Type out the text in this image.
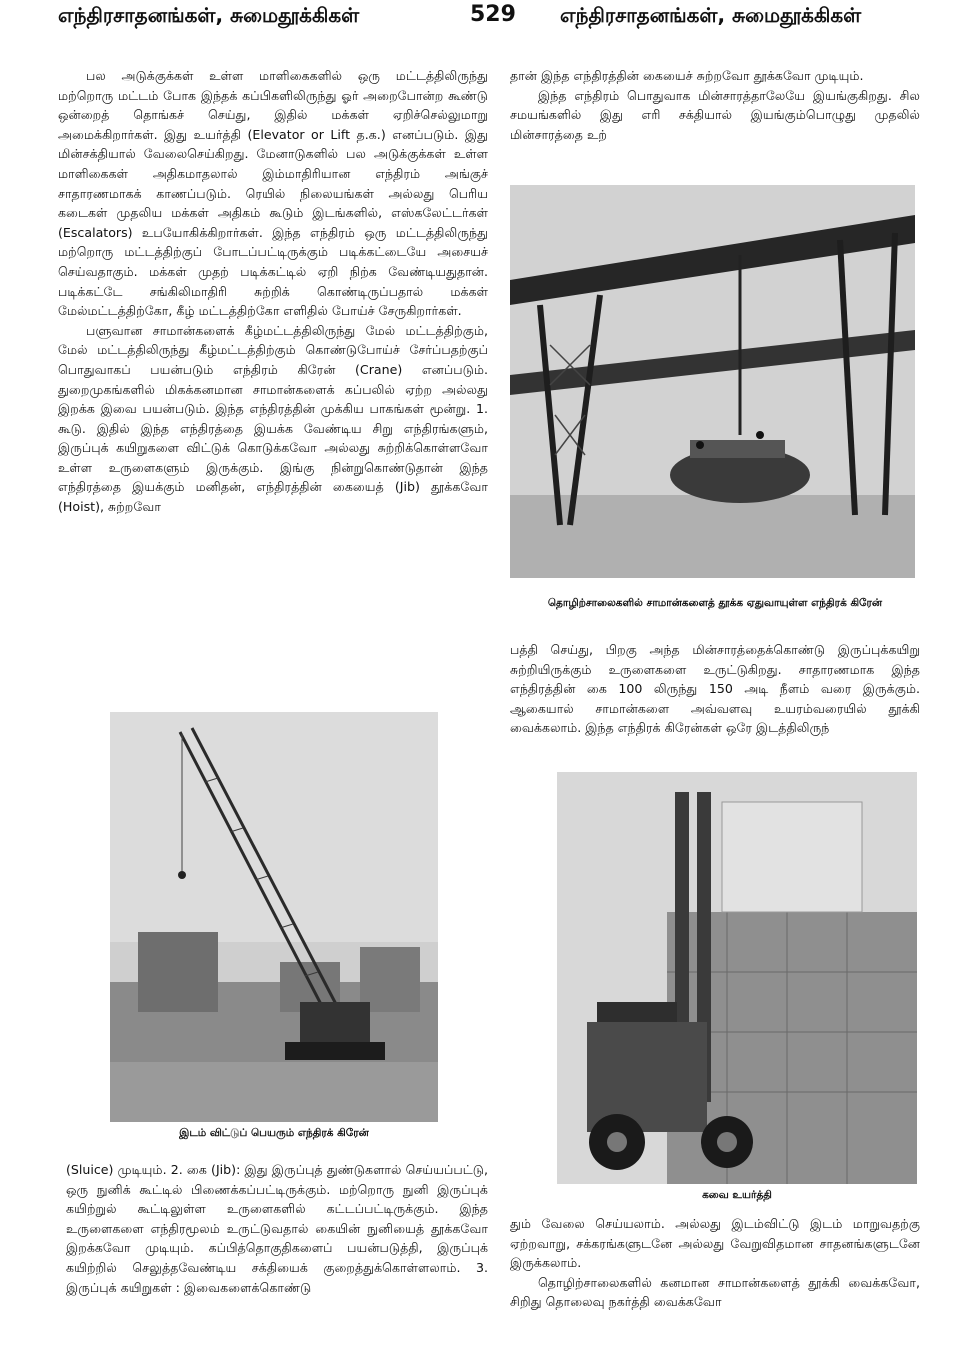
எந்திரசாதனங்கள், சுமைதூக்கிகள்	529 எந்திரசாதனங்கள், சுமைதூக்கிகள்

பல அடுக்குக்கள் உள்ள மாளிகைகளில் ஒரு மட்டத்திலிருந்து மற்றொரு மட்டம் போக இந்தக் கப்பிகளிலிருந்து ஓர் அறைபோன்ற கூண்டு ஒன்றைத் தொங்கச் செய்து, இதில் மக்கள் ஏறிச்செல்லுமாறு அமைக்கிறார்கள். இது உயர்த்தி (Elevator or Lift த.க.) எனப்படும். இது மின்சக்தியால் வேலைசெய்கிறது. மேனாடுகளில் பல அடுக்குக்கள் உள்ள மாளிகைகள் அதிகமாதலால் இம்மாதிரியான எந்திரம் அங்குச் சாதாரணமாகக் காணப்படும். ரெயில் நிலையங்கள் அல்லது பெரிய கடைகள் முதலிய மக்கள் அதிகம் கூடும் இடங்களில், எஸ்கலேட்டர்கள் (Escalators) உபயோகிக்கிறார்கள். இந்த எந்திரம் ஒரு மட்டத்திலிருந்து மற்றொரு மட்டத்திற்குப் போடப்பட்டிருக்கும் படிக்கட்டையே அசையச் செய்வதாகும். மக்கள் முதற் படிக்கட்டில் ஏறி நிற்க வேண்டியதுதான். படிக்கட்டே சங்கிலிமாதிரி சுற்றிக் கொண்டிருப்பதால் மக்கள் மேல்மட்டத்திற்கோ, கீழ் மட்டத்திற்கோ எளிதில் போய்ச் சேருகிறார்கள்.

பளுவான சாமான்களைக் கீழ்மட்டத்திலிருந்து மேல் மட்டத்திற்கும், மேல் மட்டத்திலிருந்து கீழ்மட்டத்திற்கும் கொண்டுபோய்ச் சேர்ப்பதற்குப் பொதுவாகப் பயன்படும் எந்திரம் கிரேன் (Crane) எனப்படும். துறைமுகங்களில் மிகக்கனமான சாமான்களைக் கப்பலில் ஏற்ற அல்லது இறக்க இவை பயன்படும். இந்த எந்திரத்தின் முக்கிய பாகங்கள் மூன்று. 1. கூடு. இதில் இந்த எந்திரத்தை இயக்க வேண்டிய சிறு எந்திரங்களும், இருப்புக் கயிறுகளை விட்டுக் கொடுக்கவோ அல்லது சுற்றிக்கொள்ளவோ உள்ள உருளைகளும் இருக்கும். இங்கு நின்றுகொண்டுதான் இந்த எந்திரத்தை இயக்கும் மனிதன், எந்திரத்தின் கையைத் (Jib) தூக்கவோ (Hoist), சுற்றவோ

இடம் விட்டுப் பெயரும் எந்திரக் கிரேன்

(Sluice) முடியும். 2. கை (Jib): இது இருப்புத் துண்டுகளால் செய்யப்பட்டு, ஒரு நுனிக் கூட்டில் பிணைக்கப்பட்டிருக்கும். மற்றொரு நுனி இருப்புக் கயிற்றுல் கூட்டிலுள்ள உருளைகளில் கட்டப்பட்டிருக்கும். இந்த உருளைகளை எந்திரமூலம் உருட்டுவதால் கையின் நுனியைத் தூக்கவோ இறக்கவோ முடியும். கப்பித்தொகுதிகளைப் பயன்படுத்தி, இருப்புக் கயிற்றில் செலுத்தவேண்டிய சக்தியைக் குறைத்துக்கொள்ளலாம். 3. இருப்புக் கயிறுகள் : இவைகளைக்கொண்டு

தான் இந்த எந்திரத்தின் கையைச் சுற்றவோ தூக்கவோ முடியும்.

இந்த எந்திரம் பொதுவாக மின்சாரத்தாலேயே இயங்குகிறது. சில சமயங்களில் இது எரி சக்தியால் இயங்கும்பொழுது முதலில் மின்சாரத்தை உற்

தொழிற்சாலைகளில் சாமான்களைத் தூக்க ஏதுவாயுள்ள எந்திரக் கிரேன்

பத்தி செய்து, பிறகு அந்த மின்சாரத்தைக்கொண்டு இருப்புக்கயிறு சுற்றியிருக்கும் உருளைகளை உருட்டுகிறது. சாதாரணமாக இந்த எந்திரத்தின் கை 100 லிருந்து 150 அடி நீளம் வரை இருக்கும். ஆகையால் சாமான்களை அவ்வளவு உயரம்வரையில் தூக்கி வைக்கலாம். இந்த எந்திரக் கிரேன்கள் ஒரே இடத்திலிருந்

கவை உயர்த்தி

தும் வேலை செய்யலாம். அல்லது இடம்விட்டு இடம் மாறுவதற்கு ஏற்றவாறு, சக்கரங்களுடனே அல்லது வேறுவிதமான சாதனங்களுடனே இருக்கலாம்.

தொழிற்சாலைகளில் கனமான சாமான்களைத் தூக்கி வைக்கவோ, சிறிது தொலைவு நகர்த்தி வைக்கவோ
